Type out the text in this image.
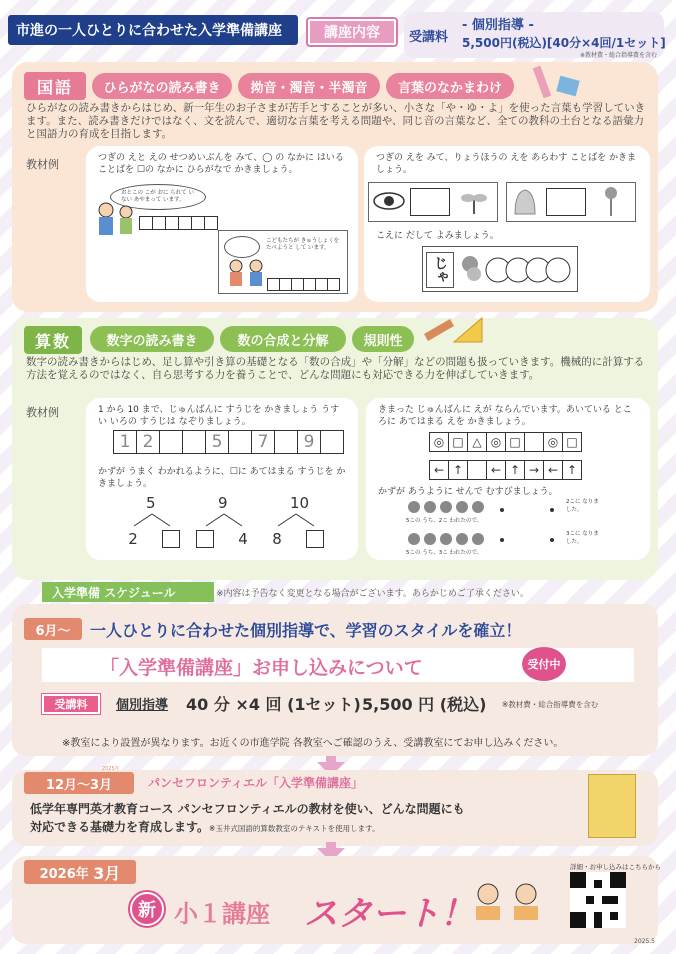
市進の一人ひとりに合わせた入学準備講座	講座内容	受講料
- 個別指導 -
5,500円(税込)[40分×4回/1セット]
※教材費・総合指導費を含む
国語	ひらがなの読み書き	拗音・濁音・半濁音	言葉のなかまわけ
ひらがなの読み書きからはじめ、新一年生のお子さまが苦手とすることが多い、小さな「や・ゆ・よ」を使った言葉も学習していきます。また、読み書きだけではなく、文を読んで、適切な言葉を考える問題や、同じ音の言葉など、全ての教科の土台となる語彙力と国語力の育成を目指します。
教材例	つぎの えと えの せつめいぶんを みて、◯ の なかに はいる ことばを ☐の なかに ひらがなで かきましょう。
おとこの こが おに られて いない あやまって います。
こどもたちが きゅうしょくを たべようと して います。
つぎの えを みて、りょうほうの えを あらわす ことばを かきましょう。
こえに だして よみましょう。
じゃ
算数	数字の読み書き	数の合成と分解	規則性
数字の読み書きからはじめ、足し算や引き算の基礎となる「数の合成」や「分解」などの問題も扱っていきます。機械的に計算する方法を覚えるのではなく、自ら思考する力を養うことで、どんな問題にも対応できる力を伸ばしていきます。
教材例	1 から 10 まで、じゅんばんに すうじを かきましょう うすい いろの すうじは なぞりましょう。
1 2	5	7	9
かずが うまく わかれるように、☐に あてはまる すうじを かきましょう。
5
2
9
4
10
8
きまった じゅんばんに えが ならんでいます。あいている ところに あてはまる えを かきましょう。
◎ □ △ ◎ □	◎ □
← ↑	← ↑ → ← ↑
かずが あうように せんで むすびましょう。
5この うち、2こ われたので、
5この うち、3こ われたので、
2こに なりました。
3こに なりました。
入学準備 スケジュール	※内容は予告なく変更となる場合がございます。あらかじめご了承ください。
6月〜	一人ひとりに合わせた個別指導で、学習のスタイルを確立！
「入学準備講座」お申し込みについて	受付中
受講料	個別指導 40 分 ×4 回 (1セット) 5,500 円 (税込) ※教材費・総合指導費を含む
※教室により設置が異なります。お近くの市進学院 各教室へご確認のうえ、受講教室にてお申し込みください。
12月〜3月
2025年
パンセフロンティエル「入学準備講座」
低学年専門英才教育コース パンセフロンティエルの教材を使い、どんな問題にも
対応できる基礎力を育成します。※玉井式国語的算数教室のテキストを使用します。
2026年
3月
新 小１講座 スタート！
詳細・お申し込みはこちらから
2025.5
